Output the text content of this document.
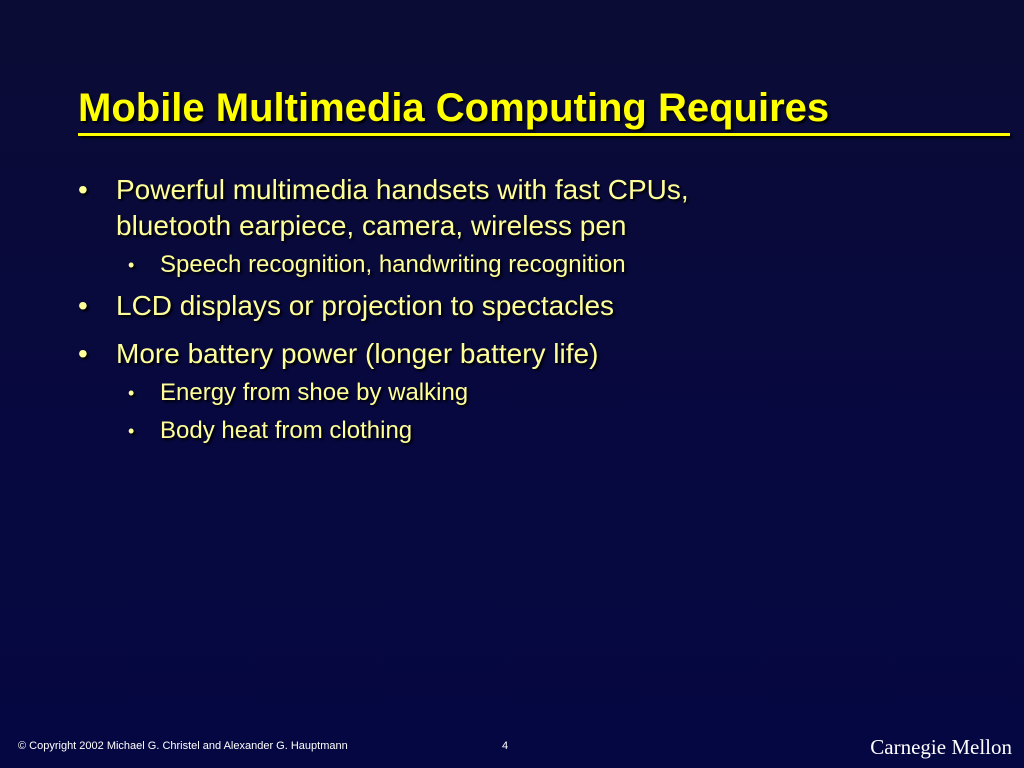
Mobile Multimedia Computing Requires
• Powerful multimedia handsets with fast CPUs,
bluetooth earpiece, camera, wireless pen
• Speech recognition, handwriting recognition
• LCD displays or projection to spectacles
• More battery power (longer battery life)
• Energy from shoe by walking
• Body heat from clothing
© Copyright 2002 Michael G. Christel and Alexander G. Hauptmann	4	Carnegie Mellon
